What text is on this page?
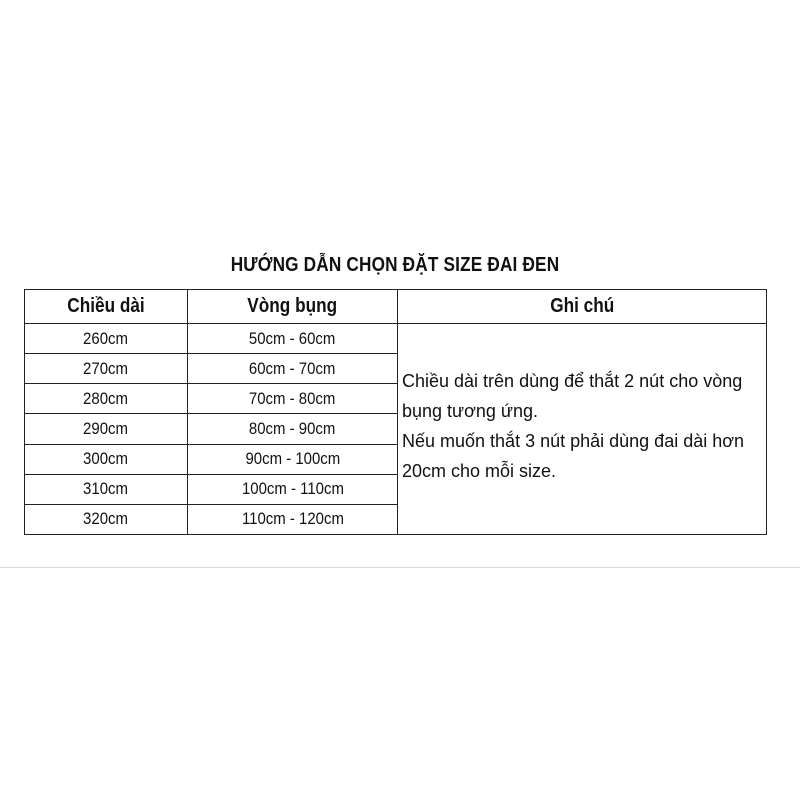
HƯỚNG DẪN CHỌN ĐẶT SIZE ĐAI ĐEN
Chiều dài	Vòng bụng	Ghi chú
260cm	50cm - 60cm	Chiều dài trên dùng để thắt 2 nút cho vòng bụng tương ứng.
Nếu muốn thắt 3 nút phải dùng đai dài hơn 20cm cho mỗi size.

270cm	60cm - 70cm	
280cm	70cm - 80cm	
290cm	80cm - 90cm	
300cm	90cm - 100cm	
310cm	100cm - 110cm	
320cm	110cm - 120cm	
